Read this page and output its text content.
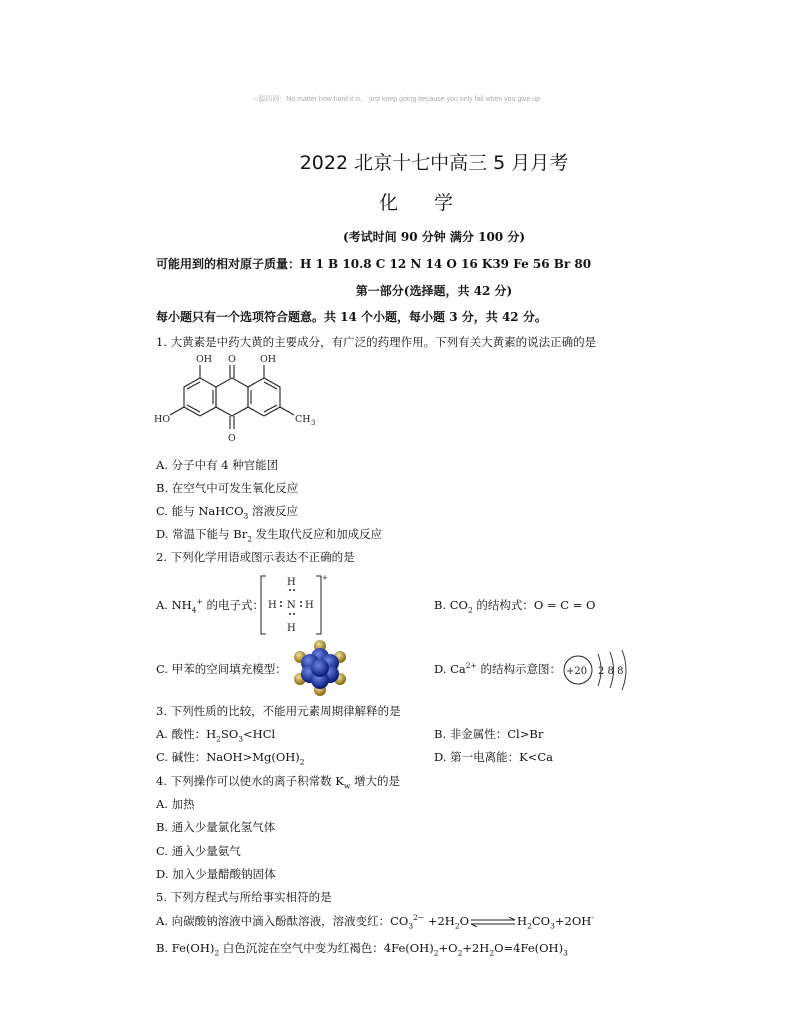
○源四网：No matter how hard it is， just keep going because you only fail when you give up
2022 北京十七中高三 5 月月考
化学
(考试时间 90 分钟 满分 100 分)
可能用到的相对原子质量：H 1 B 10.8 C 12 N 14 O 16 K39 Fe 56 Br 80
第一部分(选择题，共 42 分)
每小题只有一个选项符合题意。共 14 个小题，每小题 3 分，共 42 分。
1. 大黄素是中药大黄的主要成分，有广泛的药理作用。下列有关大黄素的说法正确的是
OH	OH
O
O
HO	CH 3
A. 分子中有 4 种官能团
B. 在空气中可发生氧化反应
C. 能与 NaHCO$_3$ 溶液反应
D. 常温下能与 $Br_2$ 发生取代反应和加成反应
2. 下列化学用语或图示表达不正确的是
A. $NH_4^+$ 的电子式：
H
H N H
H
+
B. $CO_2$ 的结构式：O = C = O
C. 甲苯的空间填充模型：	D. $Ca^{2+}$ 的结构示意图： +20 2 8 8
3. 下列性质的比较，不能用元素周期律解释的是
A. 酸性：$H_2SO_3<HCl$	B. 非金属性：Cl>Br
C. 碱性：$NaOH>Mg(OH)_2$	D. 第一电离能：K<Ca
4. 下列操作可以使水的离子积常数 $K_w$ 增大的是
A. 加热
B. 通入少量氯化氢气体
C. 通入少量氨气
D. 加入少量醋酸钠固体
5. 下列方程式与所给事实相符的是
A. 向碳酸钠溶液中滴入酚酞溶液，溶液变红：$CO_3^{2-} +2H_2O$	$H_2CO_3+2OH^-$
B. $Fe(OH)_2$ 白色沉淀在空气中变为红褐色：$4Fe(OH)_2+O_2+2H_2O=4Fe(OH)_3$
